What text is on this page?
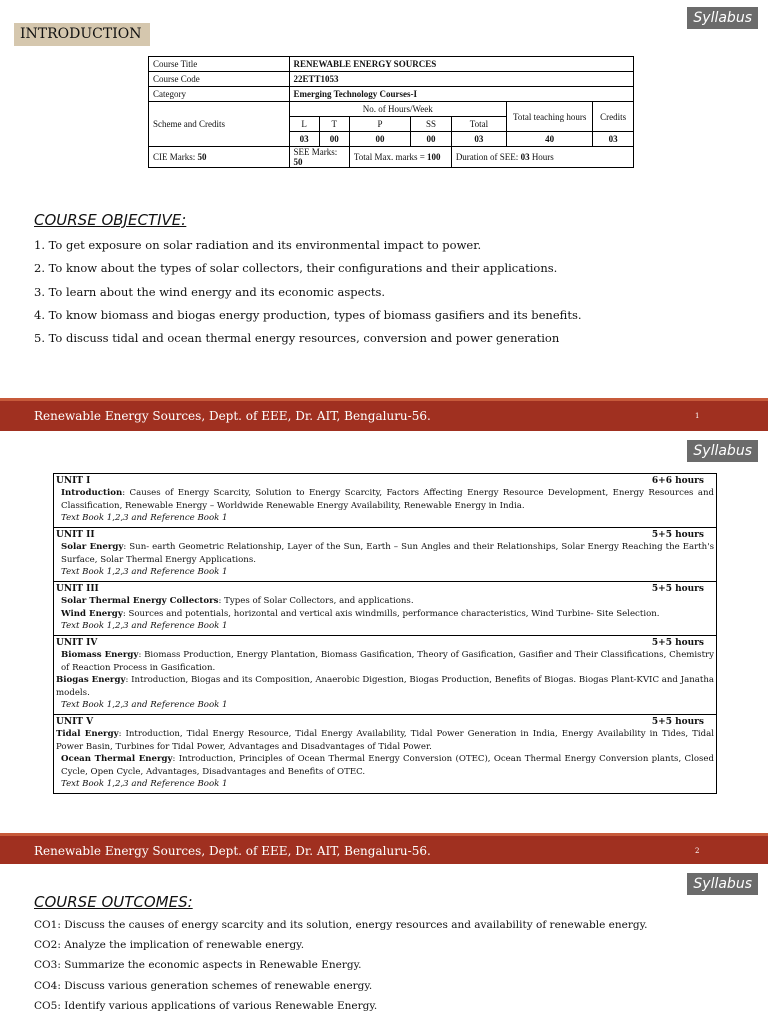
Syllabus
INTRODUCTION
Course Title	RENEWABLE ENERGY SOURCES						
Course Code	22ETT1053						
Category	Emerging Technology Courses-I						
Scheme and Credits	No. of Hours/Week					Total teaching hours	Credits
	L	T	P	SS	Total		
	03	00	00	00	03	40	03
CIE Marks: 50	SEE Marks: 50		Total Max. marks = 100		Duration of SEE: 03 Hours		
COURSE OBJECTIVE:
1. To get exposure on solar radiation and its environmental impact to power.
2. To know about the types of solar collectors, their configurations and their applications.
3. To learn about the wind energy and its economic aspects.
4. To know biomass and biogas energy production, types of biomass gasifiers and its benefits.
5. To discuss tidal and ocean thermal energy resources, conversion and power generation
Renewable Energy Sources, Dept. of EEE, Dr. AIT, Bengaluru-56.	1
Syllabus
UNIT I	6+6 hours
Introduction: Causes of Energy Scarcity, Solution to Energy Scarcity, Factors Affecting Energy Resource Development, Energy Resources and Classification, Renewable Energy – Worldwide Renewable Energy Availability, Renewable Energy in India.
Text Book 1,2,3 and Reference Book 1
UNIT II	5+5 hours
Solar Energy: Sun- earth Geometric Relationship, Layer of the Sun, Earth – Sun Angles and their Relationships, Solar Energy Reaching the Earth's Surface, Solar Thermal Energy Applications.
Text Book 1,2,3 and Reference Book 1
UNIT III	5+5 hours
Solar Thermal Energy Collectors: Types of Solar Collectors, and applications.
Wind Energy: Sources and potentials, horizontal and vertical axis windmills, performance characteristics, Wind Turbine- Site Selection.
Text Book 1,2,3 and Reference Book 1
UNIT IV	5+5 hours
Biomass Energy: Biomass Production, Energy Plantation, Biomass Gasification, Theory of Gasification, Gasifier and Their Classifications, Chemistry of Reaction Process in Gasification.
Biogas Energy: Introduction, Biogas and its Composition, Anaerobic Digestion, Biogas Production, Benefits of Biogas. Biogas Plant-KVIC and Janatha models.
Text Book 1,2,3 and Reference Book 1
UNIT V	5+5 hours
Tidal Energy: Introduction, Tidal Energy Resource, Tidal Energy Availability, Tidal Power Generation in India, Energy Availability in Tides, Tidal Power Basin, Turbines for Tidal Power, Advantages and Disadvantages of Tidal Power.
Ocean Thermal Energy: Introduction, Principles of Ocean Thermal Energy Conversion (OTEC), Ocean Thermal Energy Conversion plants, Closed Cycle, Open Cycle, Advantages, Disadvantages and Benefits of OTEC.
Text Book 1,2,3 and Reference Book 1
Renewable Energy Sources, Dept. of EEE, Dr. AIT, Bengaluru-56.	2
Syllabus
COURSE OUTCOMES:
CO1: Discuss the causes of energy scarcity and its solution, energy resources and availability of renewable energy.
CO2: Analyze the implication of renewable energy.
CO3: Summarize the economic aspects in Renewable Energy.
CO4: Discuss various generation schemes of renewable energy.
CO5: Identify various applications of various Renewable Energy.
